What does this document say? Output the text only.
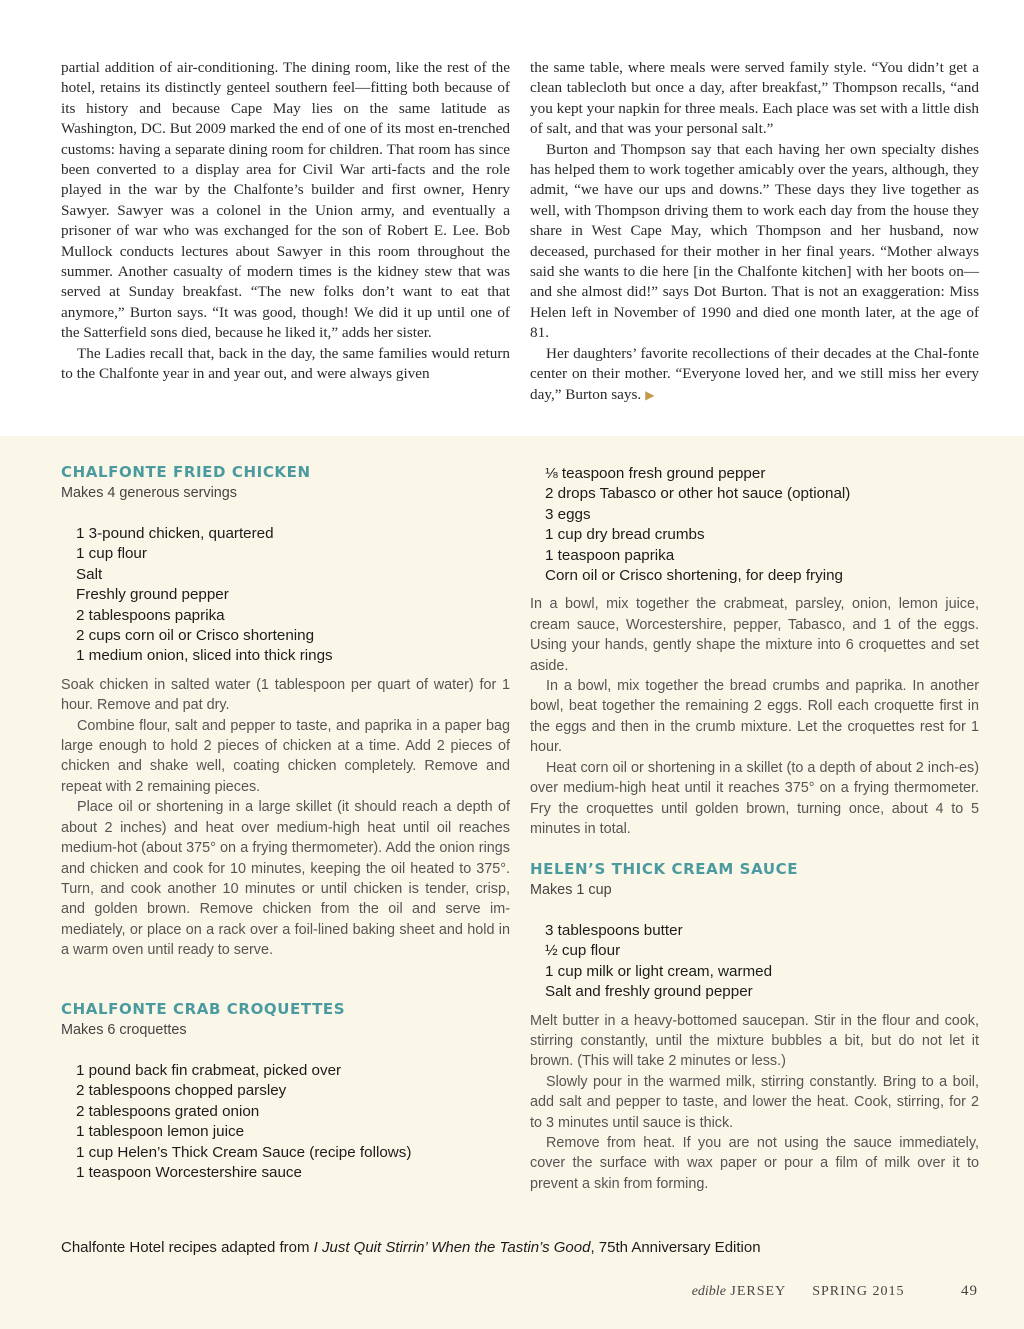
partial addition of air-conditioning. The dining room, like the rest of the hotel, retains its distinctly genteel southern feel—fitting both because of its history and because Cape May lies on the same latitude as Washington, DC. But 2009 marked the end of one of its most en-trenched customs: having a separate dining room for children. That room has since been converted to a display area for Civil War arti-facts and the role played in the war by the Chalfonte’s builder and first owner, Henry Sawyer. Sawyer was a colonel in the Union army, and eventually a prisoner of war who was exchanged for the son of Robert E. Lee. Bob Mullock conducts lectures about Sawyer in this room throughout the summer. Another casualty of modern times is the kidney stew that was served at Sunday breakfast. “The new folks don’t want to eat that anymore,” Burton says. “It was good, though! We did it up until one of the Satterfield sons died, because he liked it,” adds her sister.

The Ladies recall that, back in the day, the same families would return to the Chalfonte year in and year out, and were always given

the same table, where meals were served family style. “You didn’t get a clean tablecloth but once a day, after breakfast,” Thompson recalls, “and you kept your napkin for three meals. Each place was set with a little dish of salt, and that was your personal salt.”

Burton and Thompson say that each having her own specialty dishes has helped them to work together amicably over the years, although, they admit, “we have our ups and downs.” These days they live together as well, with Thompson driving them to work each day from the house they share in West Cape May, which Thompson and her husband, now deceased, purchased for their mother in her final years. “Mother always said she wants to die here [in the Chalfonte kitchen] with her boots on—and she almost did!” says Dot Burton. That is not an exaggeration: Miss Helen left in November of 1990 and died one month later, at the age of 81.

Her daughters’ favorite recollections of their decades at the Chal-fonte center on their mother. “Everyone loved her, and we still miss her every day,” Burton says. ▶

CHALFONTE FRIED CHICKEN

Makes 4 generous servings

1 3-pound chicken, quartered
1 cup flour
Salt
Freshly ground pepper
2 tablespoons paprika
2 cups corn oil or Crisco shortening
1 medium onion, sliced into thick rings

Soak chicken in salted water (1 tablespoon per quart of water) for 1 hour. Remove and pat dry.

Combine flour, salt and pepper to taste, and paprika in a paper bag large enough to hold 2 pieces of chicken at a time. Add 2 pieces of chicken and shake well, coating chicken completely. Remove and repeat with 2 remaining pieces.

Place oil or shortening in a large skillet (it should reach a depth of about 2 inches) and heat over medium-high heat until oil reaches medium-hot (about 375° on a frying thermometer). Add the onion rings and chicken and cook for 10 minutes, keeping the oil heated to 375°. Turn, and cook another 10 minutes or until chicken is tender, crisp, and golden brown. Remove chicken from the oil and serve im-mediately, or place on a rack over a foil-lined baking sheet and hold in a warm oven until ready to serve.

CHALFONTE CRAB CROQUETTES

Makes 6 croquettes

1 pound back fin crabmeat, picked over
2 tablespoons chopped parsley
2 tablespoons grated onion
1 tablespoon lemon juice
1 cup Helen’s Thick Cream Sauce (recipe follows)
1 teaspoon Worcestershire sauce
⅛ teaspoon fresh ground pepper
2 drops Tabasco or other hot sauce (optional)
3 eggs
1 cup dry bread crumbs
1 teaspoon paprika
Corn oil or Crisco shortening, for deep frying

In a bowl, mix together the crabmeat, parsley, onion, lemon juice, cream sauce, Worcestershire, pepper, Tabasco, and 1 of the eggs. Using your hands, gently shape the mixture into 6 croquettes and set aside.

In a bowl, mix together the bread crumbs and paprika. In another bowl, beat together the remaining 2 eggs. Roll each croquette first in the eggs and then in the crumb mixture. Let the croquettes rest for 1 hour.

Heat corn oil or shortening in a skillet (to a depth of about 2 inch-es) over medium-high heat until it reaches 375° on a frying thermometer. Fry the croquettes until golden brown, turning once, about 4 to 5 minutes in total.

HELEN’S THICK CREAM SAUCE

Makes 1 cup

3 tablespoons butter
½ cup flour
1 cup milk or light cream, warmed
Salt and freshly ground pepper

Melt butter in a heavy-bottomed saucepan. Stir in the flour and cook, stirring constantly, until the mixture bubbles a bit, but do not let it brown. (This will take 2 minutes or less.)

Slowly pour in the warmed milk, stirring constantly. Bring to a boil, add salt and pepper to taste, and lower the heat. Cook, stirring, for 2 to 3 minutes until sauce is thick.

Remove from heat. If you are not using the sauce immediately, cover the surface with wax paper or pour a film of milk over it to prevent a skin from forming.

Chalfonte Hotel recipes adapted from I Just Quit Stirrin’ When the Tastin’s Good, 75th Anniversary Edition

edible JERSEY SPRING 2015	49
